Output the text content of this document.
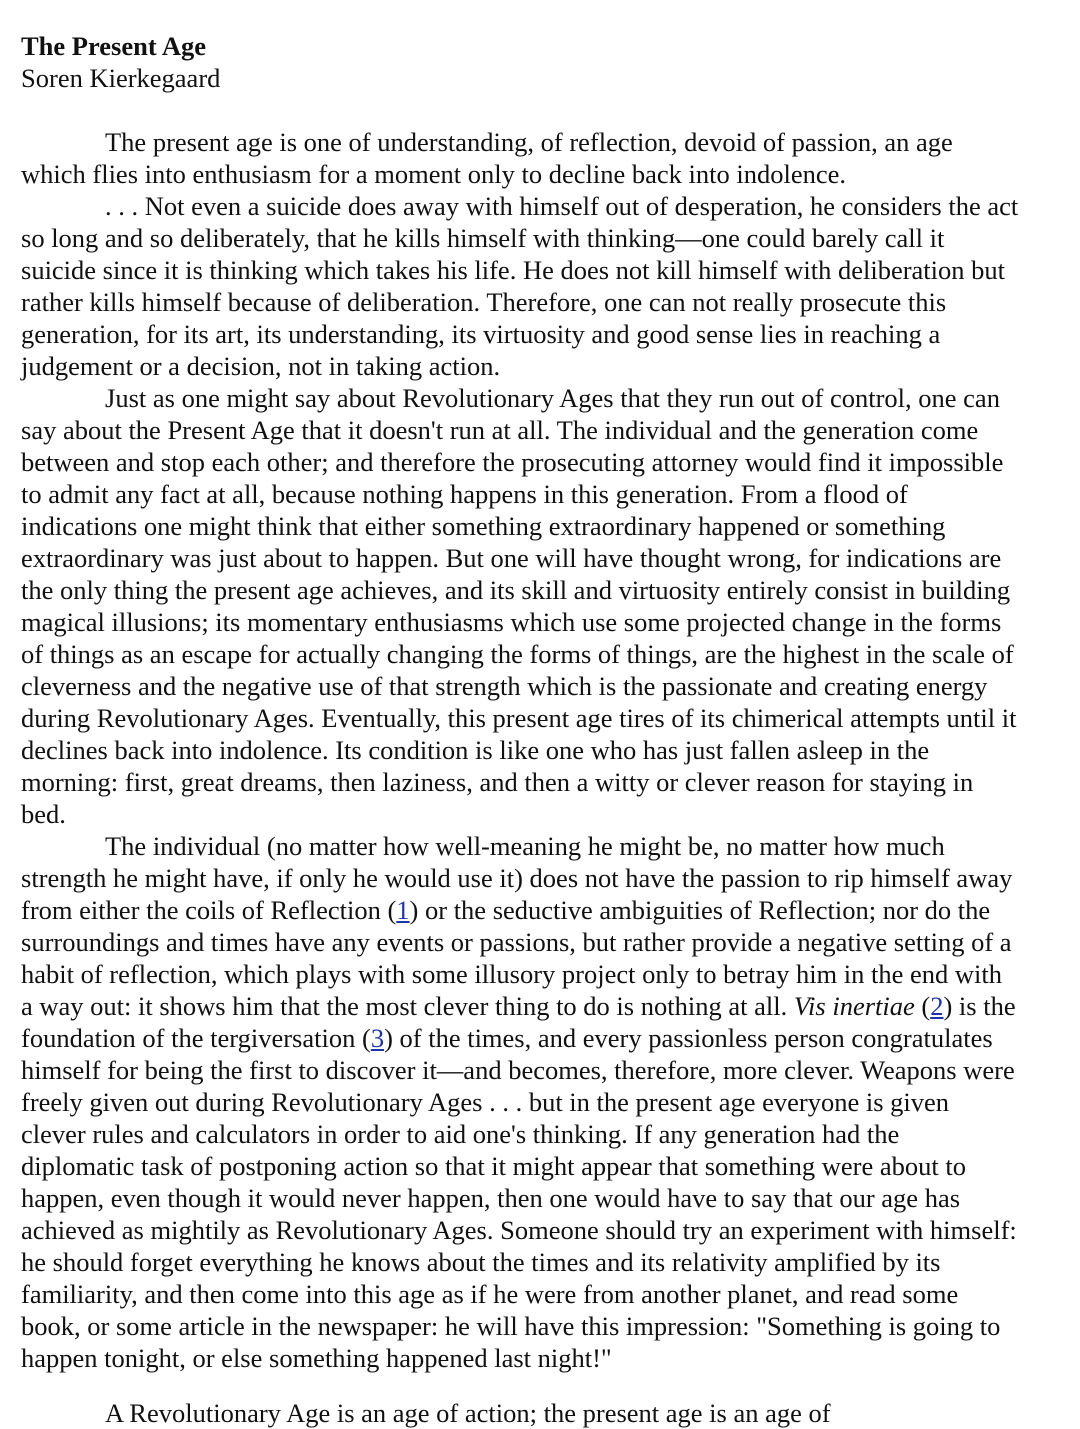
The Present Age
Soren Kierkegaard

The present age is one of understanding, of reflection, devoid of passion, an age which flies into enthusiasm for a moment only to decline back into indolence.

. . . Not even a suicide does away with himself out of desperation, he considers the act so long and so deliberately, that he kills himself with thinking—one could barely call it suicide since it is thinking which takes his life. He does not kill himself with deliberation but rather kills himself because of deliberation. Therefore, one can not really prosecute this generation, for its art, its understanding, its virtuosity and good sense lies in reaching a judgement or a decision, not in taking action.

Just as one might say about Revolutionary Ages that they run out of control, one can say about the Present Age that it doesn't run at all. The individual and the generation come between and stop each other; and therefore the prosecuting attorney would find it impossible to admit any fact at all, because nothing happens in this generation. From a flood of indications one might think that either something extraordinary happened or something extraordinary was just about to happen. But one will have thought wrong, for indications are the only thing the present age achieves, and its skill and virtuosity entirely consist in building magical illusions; its momentary enthusiasms which use some projected change in the forms of things as an escape for actually changing the forms of things, are the highest in the scale of cleverness and the negative use of that strength which is the passionate and creating energy during Revolutionary Ages. Eventually, this present age tires of its chimerical attempts until it declines back into indolence. Its condition is like one who has just fallen asleep in the morning: first, great dreams, then laziness, and then a witty or clever reason for staying in bed.

The individual (no matter how well-meaning he might be, no matter how much strength he might have, if only he would use it) does not have the passion to rip himself away from either the coils of Reflection (1) or the seductive ambiguities of Reflection; nor do the surroundings and times have any events or passions, but rather provide a negative setting of a habit of reflection, which plays with some illusory project only to betray him in the end with a way out: it shows him that the most clever thing to do is nothing at all. Vis inertiae (2) is the foundation of the tergiversation (3) of the times, and every passionless person congratulates himself for being the first to discover it—and becomes, therefore, more clever. Weapons were freely given out during Revolutionary Ages . . . but in the present age everyone is given clever rules and calculators in order to aid one's thinking. If any generation had the diplomatic task of postponing action so that it might appear that something were about to happen, even though it would never happen, then one would have to say that our age has achieved as mightily as Revolutionary Ages. Someone should try an experiment with himself: he should forget everything he knows about the times and its relativity amplified by its familiarity, and then come into this age as if he were from another planet, and read some book, or some article in the newspaper: he will have this impression: "Something is going to happen tonight, or else something happened last night!"

A Revolutionary Age is an age of action; the present age is an age of
